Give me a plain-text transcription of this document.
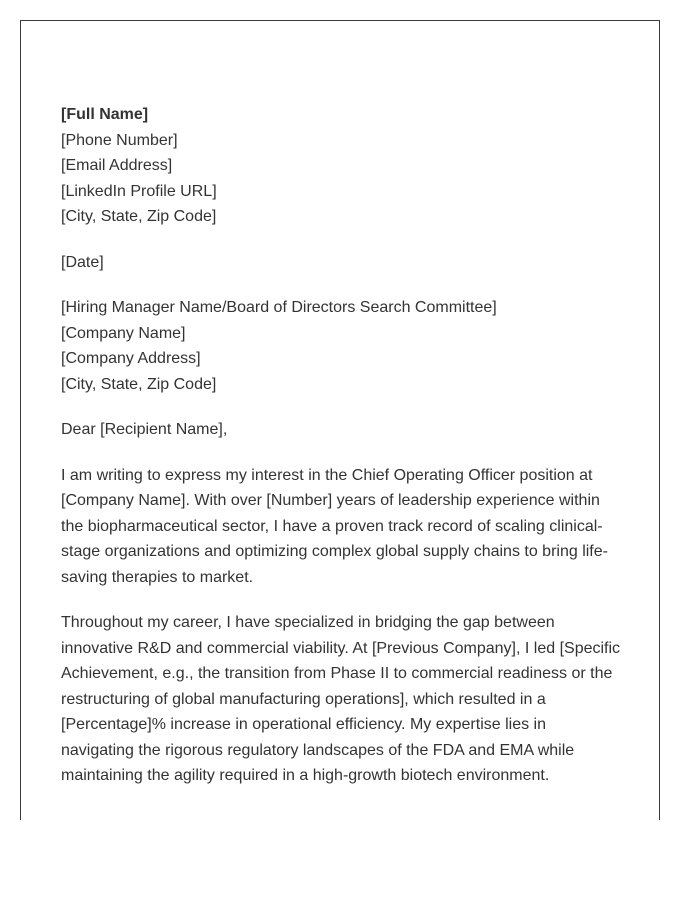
[Full Name]
[Phone Number]
[Email Address]
[LinkedIn Profile URL]
[City, State, Zip Code]
[Date]
[Hiring Manager Name/Board of Directors Search Committee]
[Company Name]
[Company Address]
[City, State, Zip Code]
Dear [Recipient Name],
I am writing to express my interest in the Chief Operating Officer position at
[Company Name]. With over [Number] years of leadership experience within
the biopharmaceutical sector, I have a proven track record of scaling clinical-
stage organizations and optimizing complex global supply chains to bring life-
saving therapies to market.
Throughout my career, I have specialized in bridging the gap between
innovative R&D and commercial viability. At [Previous Company], I led [Specific
Achievement, e.g., the transition from Phase II to commercial readiness or the
restructuring of global manufacturing operations], which resulted in a
[Percentage]% increase in operational efficiency. My expertise lies in
navigating the rigorous regulatory landscapes of the FDA and EMA while
maintaining the agility required in a high-growth biotech environment.
